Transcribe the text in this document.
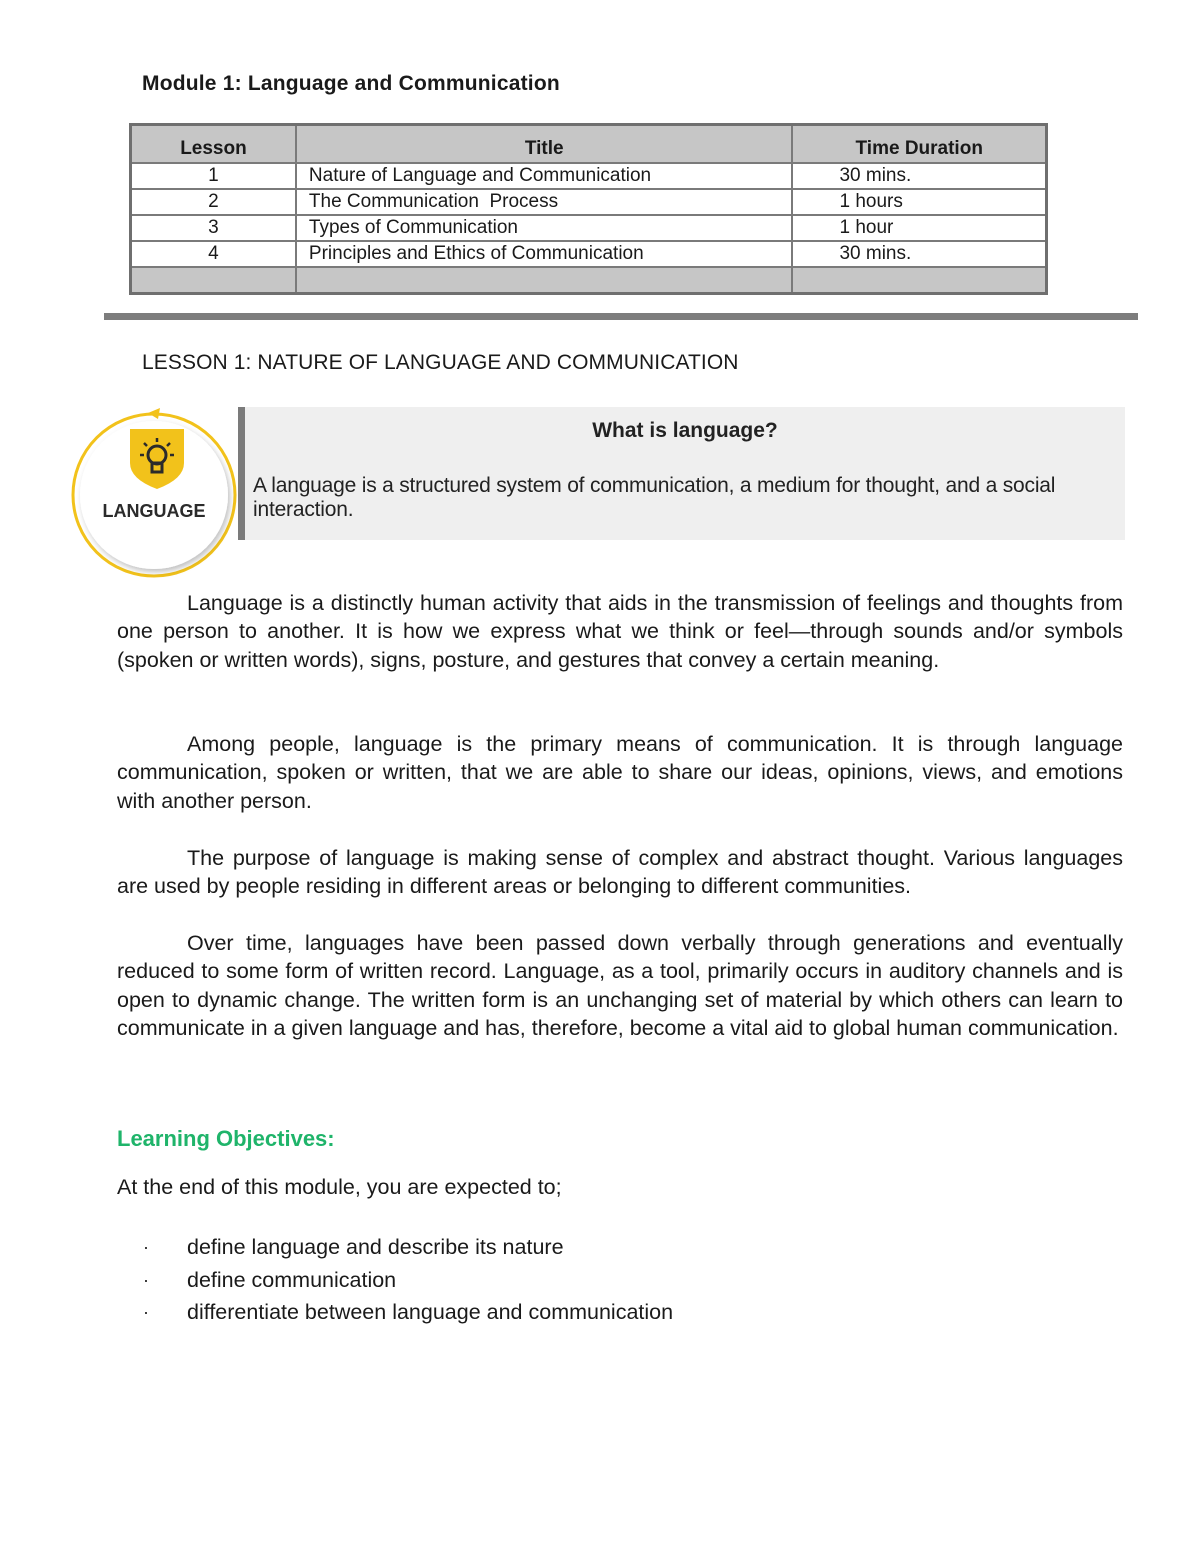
Module 1: Language and Communication
Lesson	Title	Time Duration
1	Nature of Language and Communication	30 mins.
2	The Communication  Process	1 hours
3	Types of Communication	1 hour
4	Principles and Ethics of Communication	30 mins.

LESSON 1: NATURE OF LANGUAGE AND COMMUNICATION
LANGUAGE
What is language?
A language is a structured system of communication, a medium for thought, and a social interaction.

Language is a distinctly human activity that aids in the transmission of feelings and thoughts from one person to another. It is how we express what we think or feel—through sounds and/or symbols (spoken or written words), signs, posture, and gestures that convey a certain meaning.

Among people, language is the primary means of communication. It is through language communication, spoken or written, that we are able to share our ideas, opinions, views, and emotions with another person.

The purpose of language is making sense of complex and abstract thought. Various languages are used by people residing in different areas or belonging to different communities.

Over time, languages have been passed down verbally through generations and eventually reduced to some form of written record. Language, as a tool, primarily occurs in auditory channels and is open to dynamic change. The written form is an unchanging set of material by which others can learn to communicate in a given language and has, therefore, become a vital aid to global human communication.

Learning Objectives:
At the end of this module, you are expected to;
· define language and describe its nature
· define communication
· differentiate between language and communication
